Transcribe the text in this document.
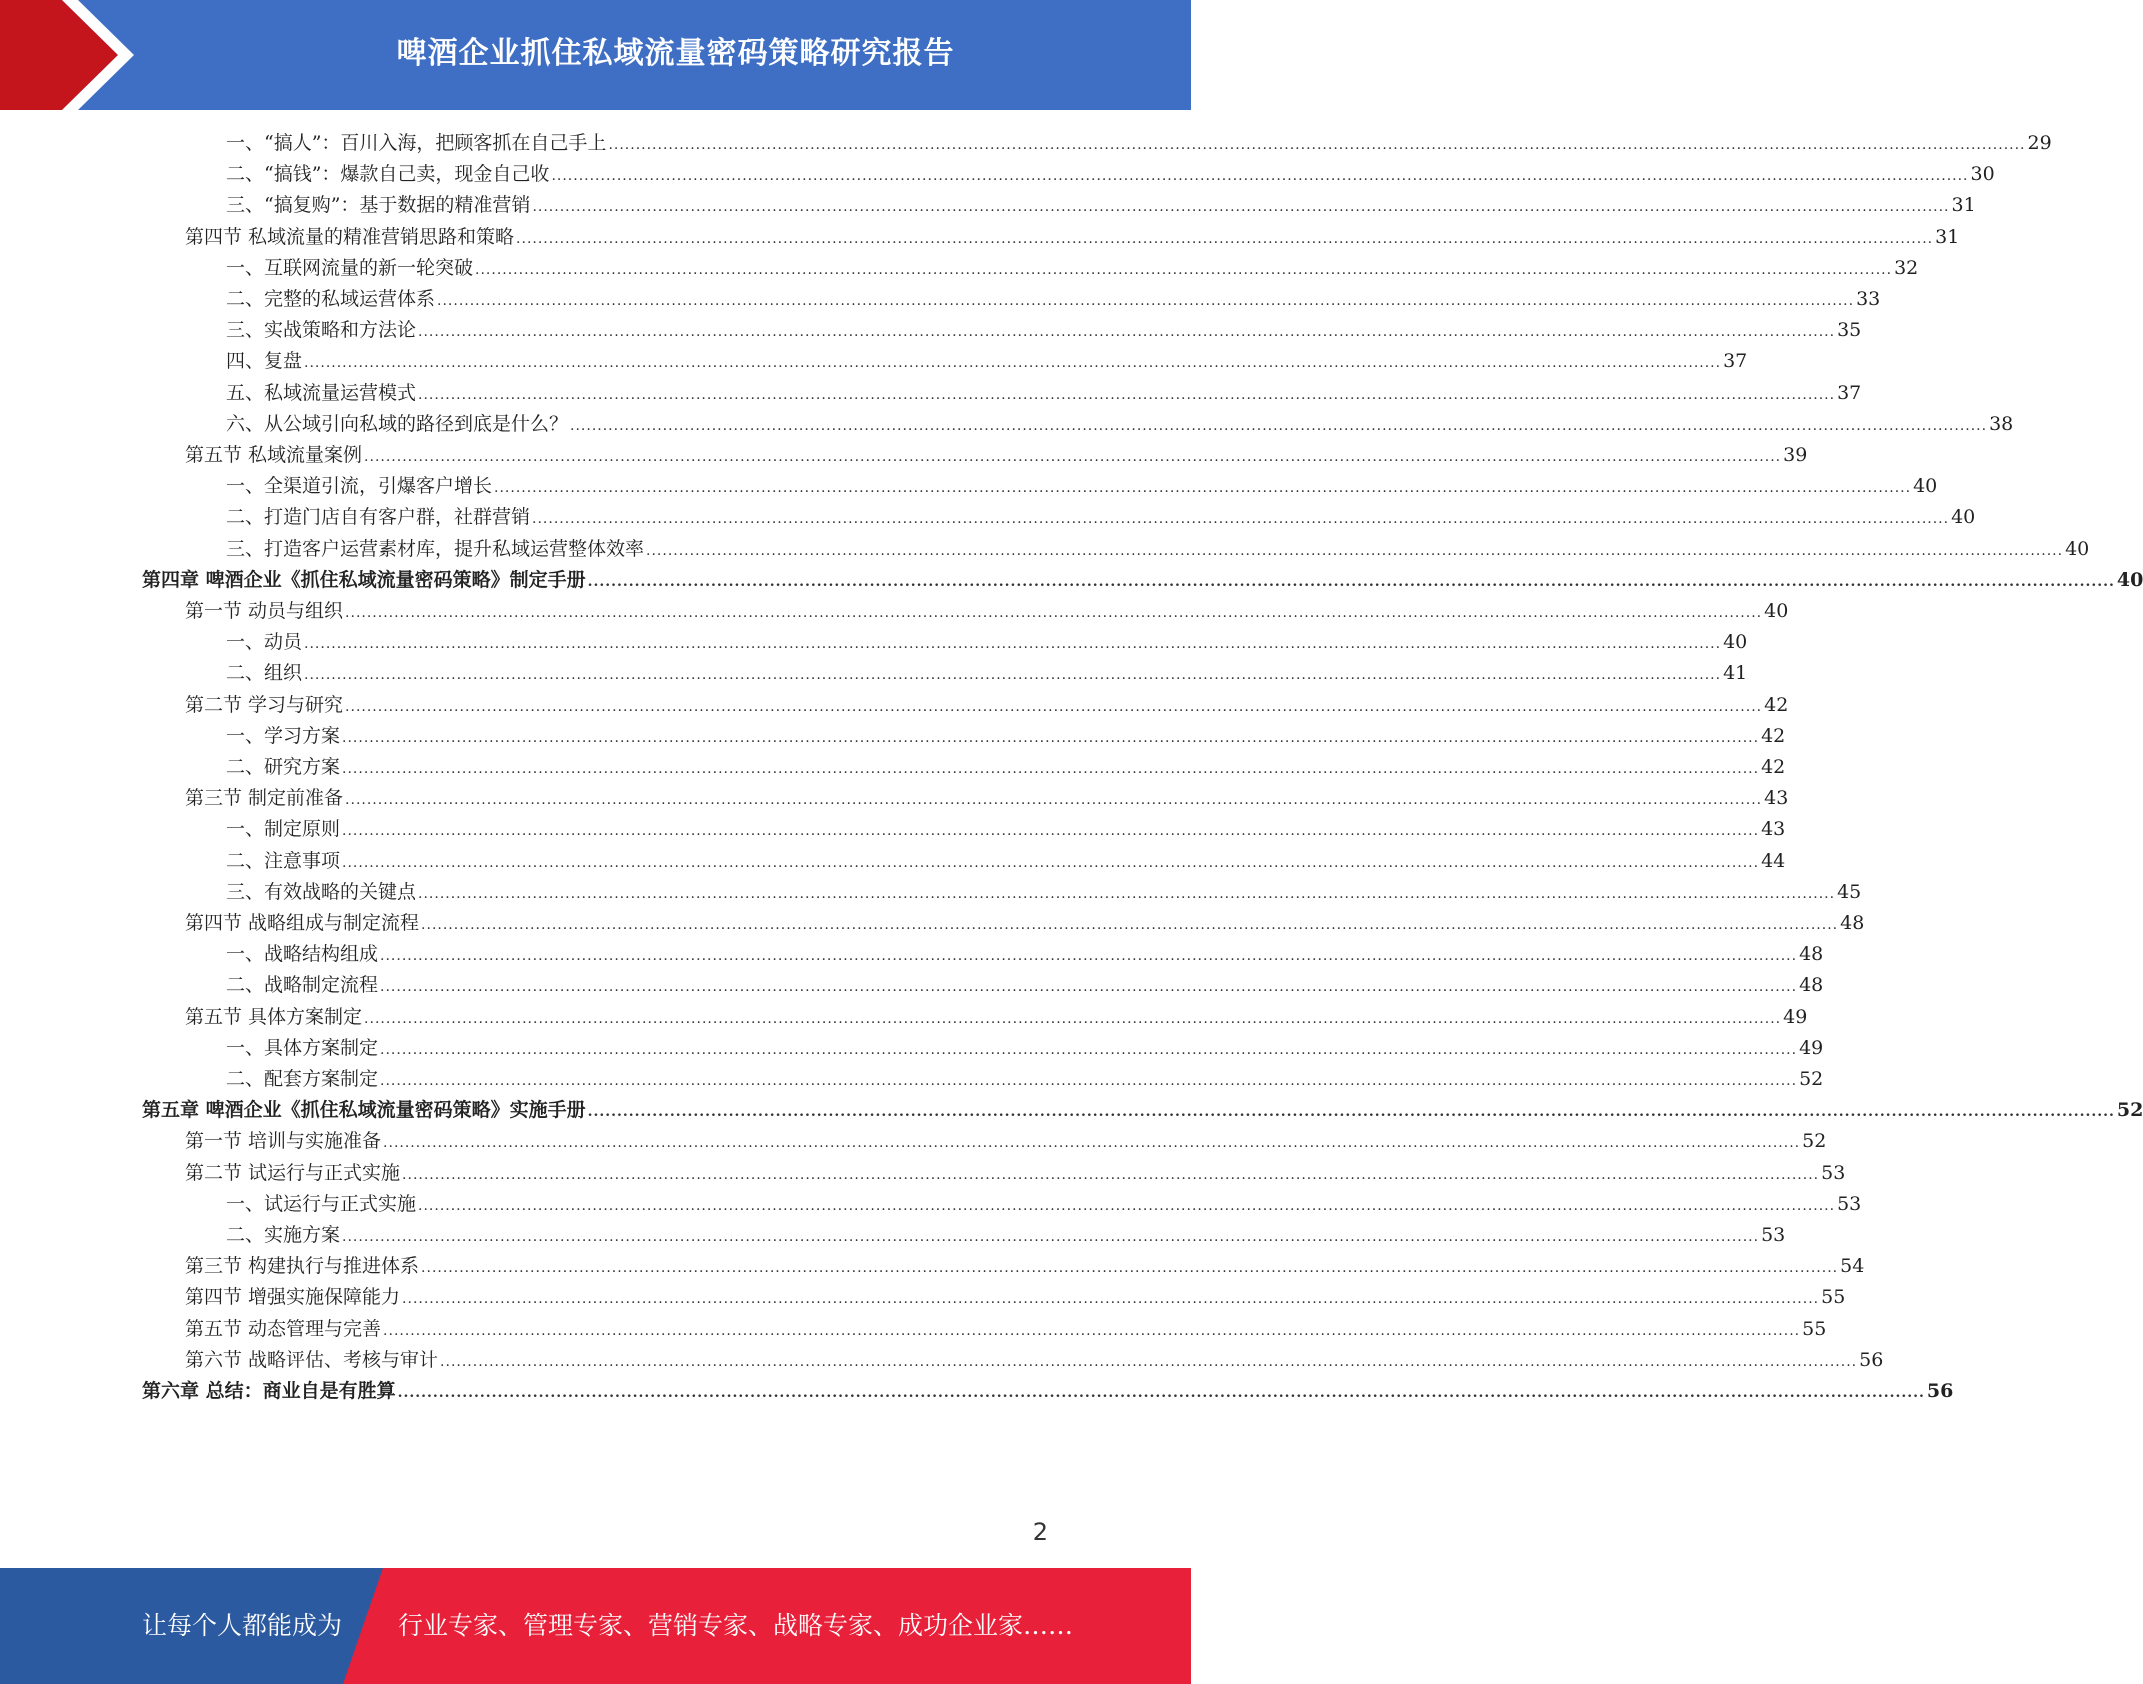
啤酒企业抓住私域流量密码策略研究报告
一、“搞人”：百川入海，把顾客抓在自己手上 .................................................................................................................................................................................................................................................................... 29
二、“搞钱”：爆款自己卖，现金自己收 .................................................................................................................................................................................................................................................................... 30
三、“搞复购”：基于数据的精准营销 .................................................................................................................................................................................................................................................................... 31
第四节 私域流量的精准营销思路和策略 .................................................................................................................................................................................................................................................................... 31
一、互联网流量的新一轮突破 .................................................................................................................................................................................................................................................................... 32
二、完整的私域运营体系 .................................................................................................................................................................................................................................................................... 33
三、实战策略和方法论 .................................................................................................................................................................................................................................................................... 35
四、复盘 .................................................................................................................................................................................................................................................................... 37
五、私域流量运营模式 .................................................................................................................................................................................................................................................................... 37
六、从公域引向私域的路径到底是什么？ .................................................................................................................................................................................................................................................................... 38
第五节 私域流量案例 .................................................................................................................................................................................................................................................................... 39
一、全渠道引流，引爆客户增长 .................................................................................................................................................................................................................................................................... 40
二、打造门店自有客户群，社群营销 .................................................................................................................................................................................................................................................................... 40
三、打造客户运营素材库，提升私域运营整体效率 .................................................................................................................................................................................................................................................................... 40
第四章 啤酒企业《抓住私域流量密码策略》制定手册 .................................................................................................................................................................................................................................................................... 40
第一节 动员与组织 .................................................................................................................................................................................................................................................................... 40
一、动员 .................................................................................................................................................................................................................................................................... 40
二、组织 .................................................................................................................................................................................................................................................................... 41
第二节 学习与研究 .................................................................................................................................................................................................................................................................... 42
一、学习方案 .................................................................................................................................................................................................................................................................... 42
二、研究方案 .................................................................................................................................................................................................................................................................... 42
第三节 制定前准备 .................................................................................................................................................................................................................................................................... 43
一、制定原则 .................................................................................................................................................................................................................................................................... 43
二、注意事项 .................................................................................................................................................................................................................................................................... 44
三、有效战略的关键点 .................................................................................................................................................................................................................................................................... 45
第四节 战略组成与制定流程 .................................................................................................................................................................................................................................................................... 48
一、战略结构组成 .................................................................................................................................................................................................................................................................... 48
二、战略制定流程 .................................................................................................................................................................................................................................................................... 48
第五节 具体方案制定 .................................................................................................................................................................................................................................................................... 49
一、具体方案制定 .................................................................................................................................................................................................................................................................... 49
二、配套方案制定 .................................................................................................................................................................................................................................................................... 52
第五章 啤酒企业《抓住私域流量密码策略》实施手册 .................................................................................................................................................................................................................................................................... 52
第一节 培训与实施准备 .................................................................................................................................................................................................................................................................... 52
第二节 试运行与正式实施 .................................................................................................................................................................................................................................................................... 53
一、试运行与正式实施 .................................................................................................................................................................................................................................................................... 53
二、实施方案 .................................................................................................................................................................................................................................................................... 53
第三节 构建执行与推进体系 .................................................................................................................................................................................................................................................................... 54
第四节 增强实施保障能力 .................................................................................................................................................................................................................................................................... 55
第五节 动态管理与完善 .................................................................................................................................................................................................................................................................... 55
第六节 战略评估、考核与审计 .................................................................................................................................................................................................................................................................... 56
第六章 总结：商业自是有胜算 .................................................................................................................................................................................................................................................................... 56
2
让每个人都能成为 行业专家、管理专家、营销专家、战略专家、成功企业家……
